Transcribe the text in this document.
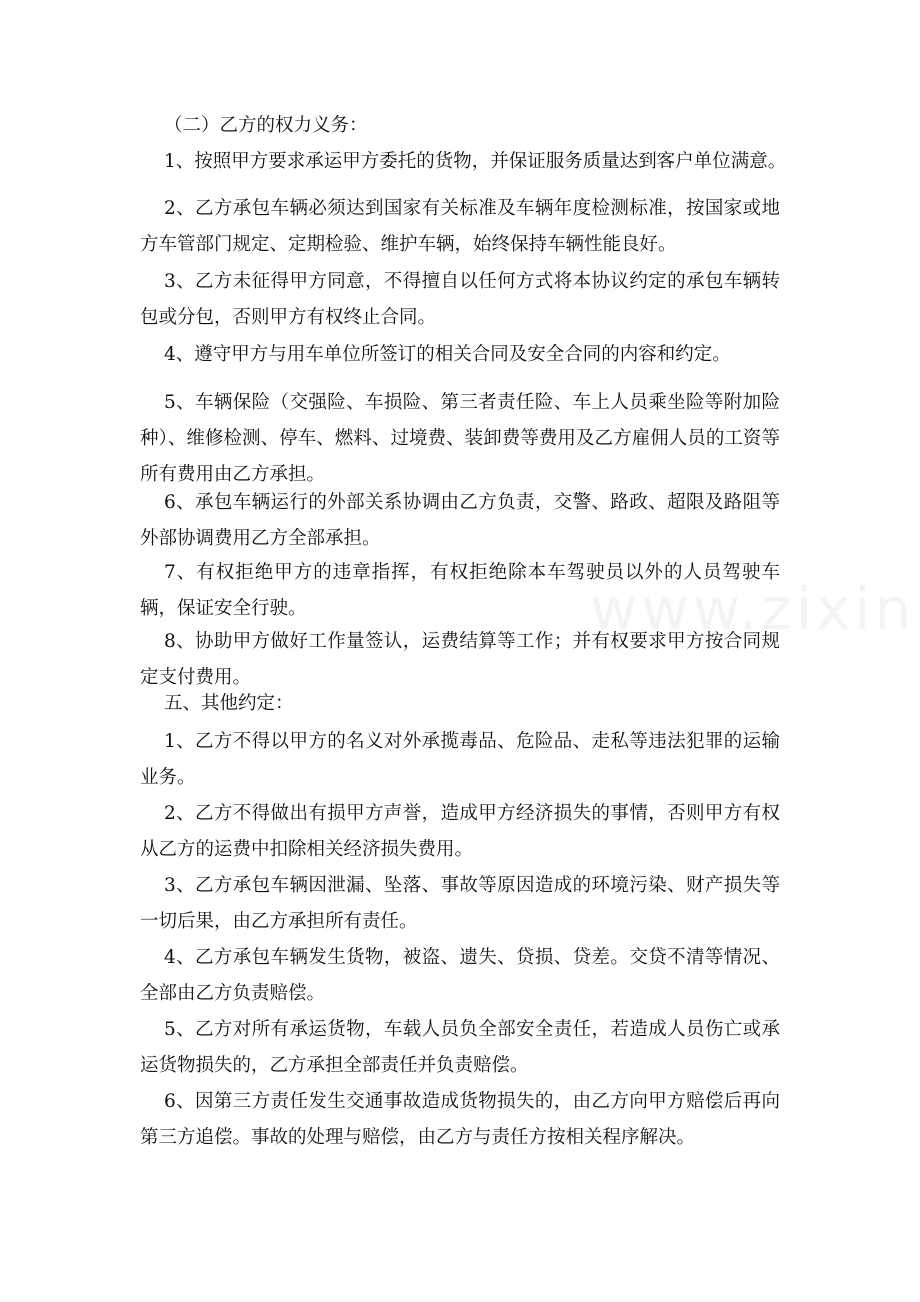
（二）乙方的权力义务：
1、按照甲方要求承运甲方委托的货物，并保证服务质量达到客户单位满意。
2、乙方承包车辆必须达到国家有关标准及车辆年度检测标准，按国家或地方车管部门规定、定期检验、维护车辆，始终保持车辆性能良好。
3、乙方未征得甲方同意，不得擅自以任何方式将本协议约定的承包车辆转包或分包，否则甲方有权终止合同。
4、遵守甲方与用车单位所签订的相关合同及安全合同的内容和约定。
5、车辆保险（交强险、车损险、第三者责任险、车上人员乘坐险等附加险种）、维修检测、停车、燃料、过境费、装卸费等费用及乙方雇佣人员的工资等所有费用由乙方承担。
6、承包车辆运行的外部关系协调由乙方负责，交警、路政、超限及路阻等外部协调费用乙方全部承担。
7、有权拒绝甲方的违章指挥，有权拒绝除本车驾驶员以外的人员驾驶车辆，保证安全行驶。
8、协助甲方做好工作量签认，运费结算等工作；并有权要求甲方按合同规定支付费用。
五、其他约定：
1、乙方不得以甲方的名义对外承揽毒品、危险品、走私等违法犯罪的运输业务。
2、乙方不得做出有损甲方声誉，造成甲方经济损失的事情，否则甲方有权从乙方的运费中扣除相关经济损失费用。
3、乙方承包车辆因泄漏、坠落、事故等原因造成的环境污染、财产损失等一切后果，由乙方承担所有责任。
4、乙方承包车辆发生货物，被盗、遗失、贷损、贷差。交贷不清等情况、全部由乙方负责赔偿。
5、乙方对所有承运货物，车载人员负全部安全责任，若造成人员伤亡或承运货物损失的，乙方承担全部责任并负责赔偿。
6、因第三方责任发生交通事故造成货物损失的，由乙方向甲方赔偿后再向第三方追偿。事故的处理与赔偿，由乙方与责任方按相关程序解决。
